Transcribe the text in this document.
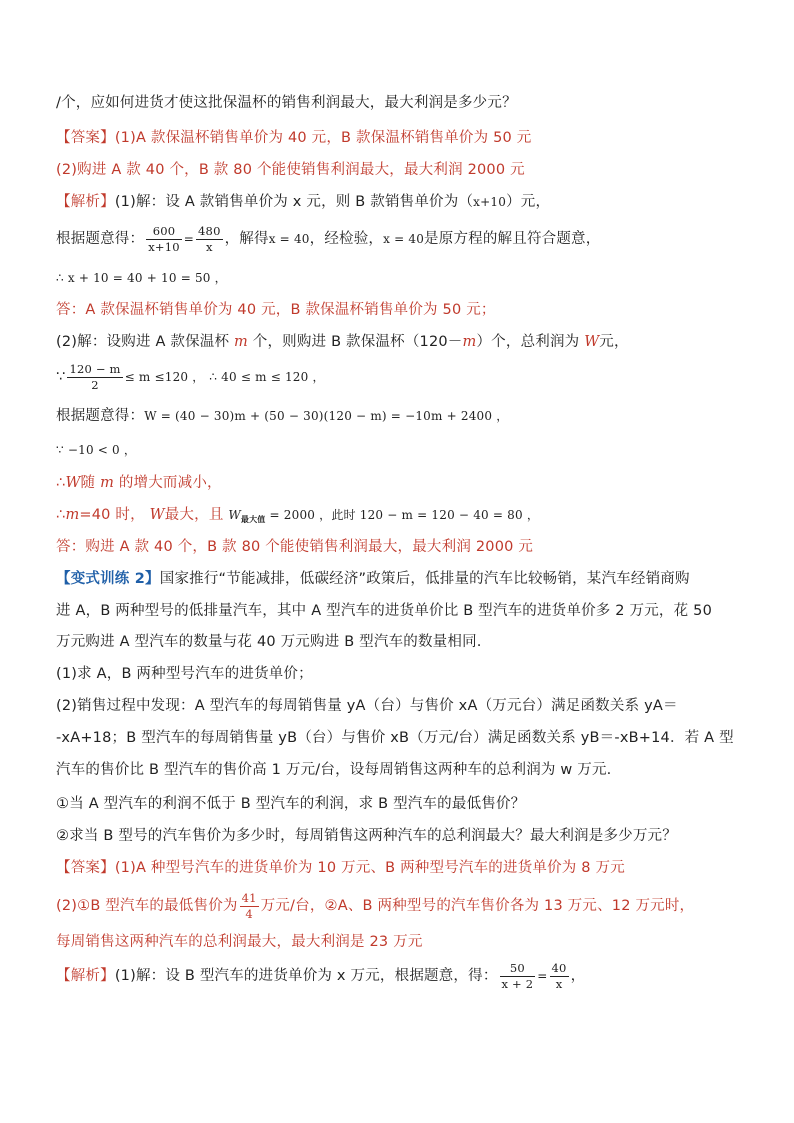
/个，应如何进货才使这批保温杯的销售利润最大，最大利润是多少元？
【答案】(1)A 款保温杯销售单价为 40 元，B 款保温杯销售单价为 50 元
(2)购进 A 款 40 个，B 款 80 个能使销售利润最大，最大利润 2000 元
【解析】(1)解：设 A 款销售单价为 x 元，则 B 款销售单价为（x+10）元，
根据题意得： $\frac{600}{x+10} = \frac{480}{x}$ ，解得x = 40，经检验，x = 40是原方程的解且符合题意，
∴ x + 10 = 40 + 10 = 50 ，
答：A 款保温杯销售单价为 40 元，B 款保温杯销售单价为 50 元；
(2)解：设购进 A 款保温杯 m 个，则购进 B 款保温杯（120－m）个，总利润为 W元，
∵ $\frac{120 - m}{2} \le m \le 120$ ， ∴ 40 ≤ m ≤ 120 ，
根据题意得：W = (40 − 30)m + (50 − 30)(120 − m) = −10m + 2400 ，
∵ −10 < 0 ，
∴W随 m 的增大而减小，
∴m=40 时， W最大，且 $W_{最大值} = 2000$ ，此时 120 − m = 120 − 40 = 80 ，
答：购进 A 款 40 个，B 款 80 个能使销售利润最大，最大利润 2000 元
【变式训练 2】国家推行“节能减排，低碳经济”政策后，低排量的汽车比较畅销，某汽车经销商购
进 A，B 两种型号的低排量汽车，其中 A 型汽车的进货单价比 B 型汽车的进货单价多 2 万元，花 50
万元购进 A 型汽车的数量与花 40 万元购进 B 型汽车的数量相同.
(1)求 A，B 两种型号汽车的进货单价；
(2)销售过程中发现：A 型汽车的每周销售量 yA（台）与售价 xA（万元台）满足函数关系 yA＝
-xA+18；B 型汽车的每周销售量 yB（台）与售价 xB（万元/台）满足函数关系 yB＝-xB+14．若 A 型
汽车的售价比 B 型汽车的售价高 1 万元/台，设每周销售这两种车的总利润为 w 万元.
①当 A 型汽车的利润不低于 B 型汽车的利润，求 B 型汽车的最低售价？
②求当 B 型号的汽车售价为多少时，每周销售这两种汽车的总利润最大？最大利润是多少万元？
【答案】(1)A 种型号汽车的进货单价为 10 万元、B 两种型号汽车的进货单价为 8 万元
(2)①B 型汽车的最低售价为 $\frac{41}{4}$ 万元/台，②A、B 两种型号的汽车售价各为 13 万元、12 万元时，
每周销售这两种汽车的总利润最大，最大利润是 23 万元
【解析】(1)解：设 B 型汽车的进货单价为 x 万元，根据题意，得： $\frac{50}{x + 2} = \frac{40}{x}$ ，
